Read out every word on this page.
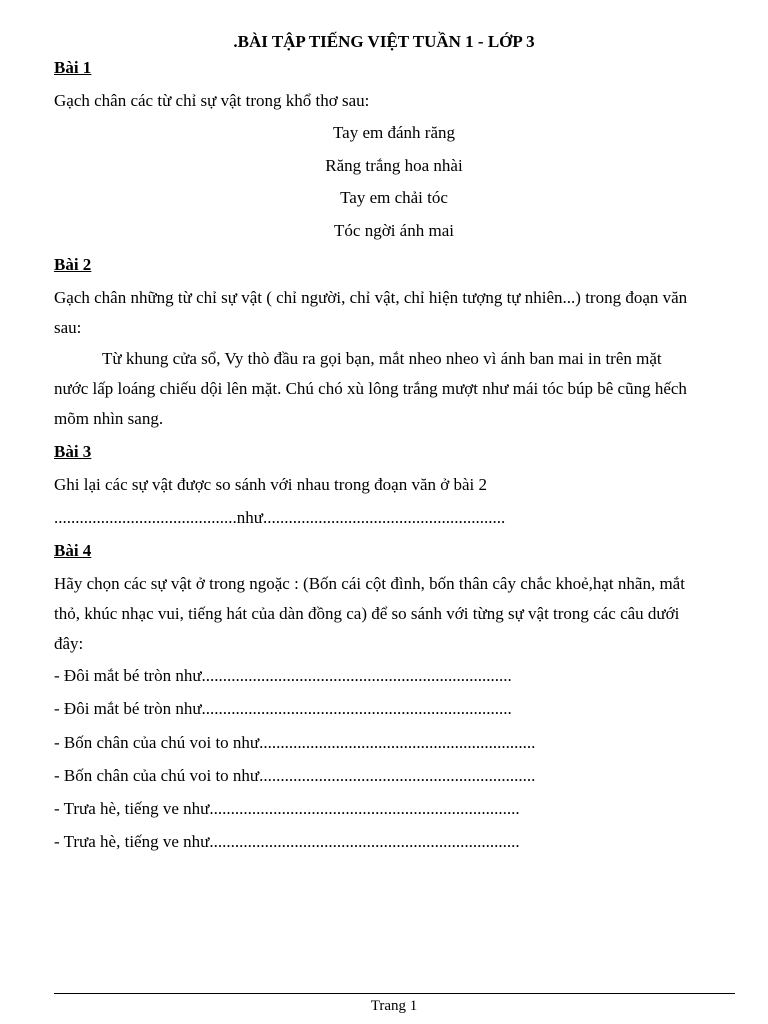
.BÀI TẬP TIẾNG VIỆT TUẦN 1 - LỚP 3
Bài 1
Gạch chân các từ chỉ sự vật trong khổ thơ sau:
Tay em đánh răng
Răng trắng hoa nhài
Tay em chải tóc
Tóc ngời ánh mai
Bài 2
Gạch chân những từ chỉ sự vật ( chỉ người, chỉ vật, chỉ hiện tượng tự nhiên...) trong đoạn văn
sau:
Từ khung cửa sổ, Vy thò đầu ra gọi bạn, mắt nheo nheo vì ánh ban mai in trên mặt
nước lấp loáng chiếu dội lên mặt. Chú chó xù lông trắng mượt như mái tóc búp bê cũng hếch
mõm nhìn sang.
Bài 3
Ghi lại các sự vật được so sánh với nhau trong đoạn văn ở bài 2
...........................................như.........................................................
Bài 4
Hãy chọn các sự vật ở trong ngoặc : (Bốn cái cột đình, bốn thân cây chắc khoẻ,hạt nhãn, mắt
thỏ, khúc nhạc vui, tiếng hát của dàn đồng ca) để so sánh với từng sự vật trong các câu dưới
đây:
- Đôi mắt bé tròn như.........................................................................
- Đôi mắt bé tròn như.........................................................................
- Bốn chân của chú voi to như.................................................................
- Bốn chân của chú voi to như.................................................................
- Trưa hè, tiếng ve như.........................................................................
- Trưa hè, tiếng ve như.........................................................................
Trang 1
